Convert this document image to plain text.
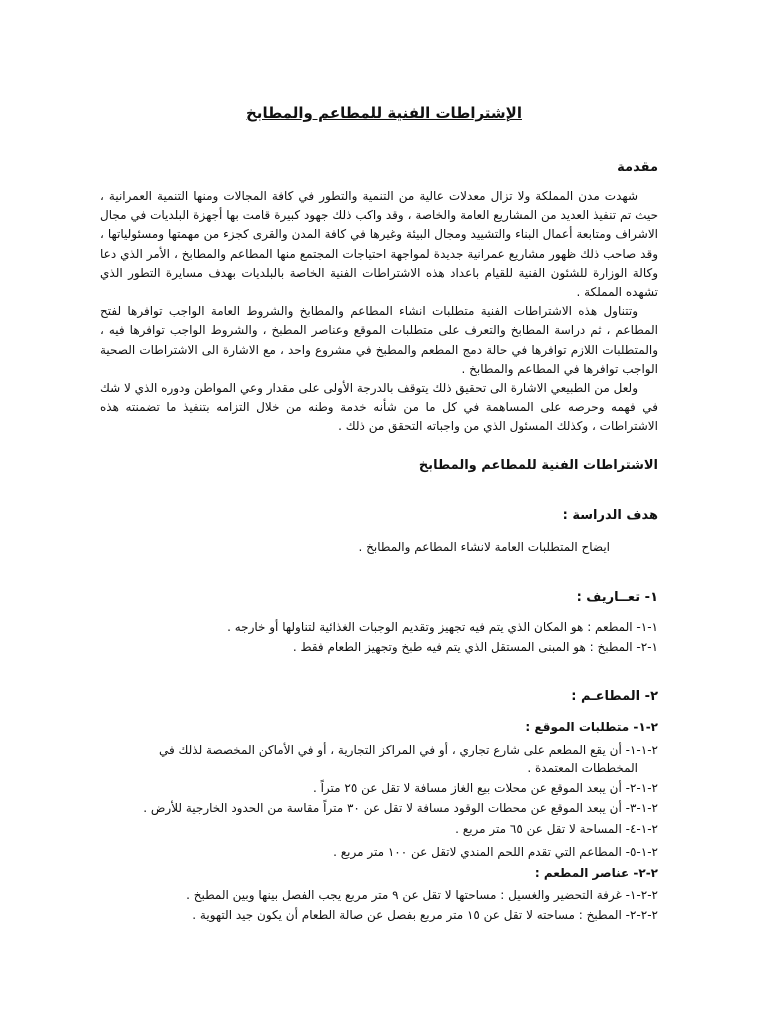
الإشتراطات الفنية للمطاعم والمطابخ
مقدمة

شهدت مدن المملكة ولا تزال معدلات عالية من التنمية والتطور في كافة المجالات ومنها التنمية العمرانية ، حيث تم تنفيذ العديد من المشاريع العامة والخاصة ، وقد واكب ذلك جهود كبيرة قامت بها أجهزة البلديات في مجال الاشراف ومتابعة أعمال البناء والتشييد ومجال البيئة وغيرها في كافة المدن والقرى كجزء من مهمتها ومسئولياتها ، وقد صاحب ذلك ظهور مشاريع عمرانية جديدة لمواجهة احتياجات المجتمع منها المطاعم والمطابخ ، الأمر الذي دعا وكالة الوزارة للشئون الفنية للقيام باعداد هذه الاشتراطات الفنية الخاصة بالبلديات بهدف مسايرة التطور الذي تشهده المملكة .

وتتناول هذه الاشتراطات الفنية متطلبات انشاء المطاعم والمطابخ والشروط العامة الواجب توافرها لفتح المطاعم ، ثم دراسة المطابخ والتعرف على متطلبات الموقع وعناصر المطبخ ، والشروط الواجب توافرها فيه ، والمتطلبات اللازم توافرها في حالة دمج المطعم والمطبخ في مشروع واحد ، مع الاشارة الى الاشتراطات الصحية الواجب توافرها في المطاعم والمطابخ .

ولعل من الطبيعي الاشارة الى تحقيق ذلك يتوقف بالدرجة الأولى على مقدار وعي المواطن ودوره الذي لا شك في فهمه وحرصه على المساهمة في كل ما من شأنه خدمة وطنه من خلال التزامه بتنفيذ ما تضمنته هذه الاشتراطات ، وكذلك المسئول الذي من واجباته التحقق من ذلك .

الاشتراطات الفنية للمطاعم والمطابخ
هدف الدراسة :
ايضاح المتطلبات العامة لانشاء المطاعم والمطابخ .
١- تعــاريف :
١-١- المطعم : هو المكان الذي يتم فيه تجهيز وتقديم الوجبات الغذائية لتناولها أو خارجه .
١-٢- المطبخ : هو المبنى المستقل الذي يتم فيه طبخ وتجهيز الطعام فقط .
٢- المطاعـم :
٢-١- متطلبات الموقع :
٢-١-١- أن يقع المطعم على شارع تجاري ، أو في المراكز التجارية ، أو في الأماكن المخصصة لذلك في
المخططات المعتمدة .
٢-١-٢- أن يبعد الموقع عن محلات بيع الغاز مسافة لا تقل عن ٢٥ متراً .
٢-١-٣- أن يبعد الموقع عن محطات الوقود مسافة لا تقل عن ٣٠ متراً مقاسة من الحدود الخارجية للأرض .
٢-١-٤- المساحة لا تقل عن ٦٥ متر مربع .
٢-١-٥- المطاعم التي تقدم اللحم المندي لاتقل عن ١٠٠ متر مربع .
٢-٢- عناصر المطعم :
٢-٢-١- غرفة التحضير والغسيل : مساحتها لا تقل عن ٩ متر مربع يجب الفصل بينها وبين المطبخ .
٢-٢-٢- المطبخ : مساحته لا تقل عن ١٥ متر مربع بفصل عن صالة الطعام أن يكون جيد التهوية .
